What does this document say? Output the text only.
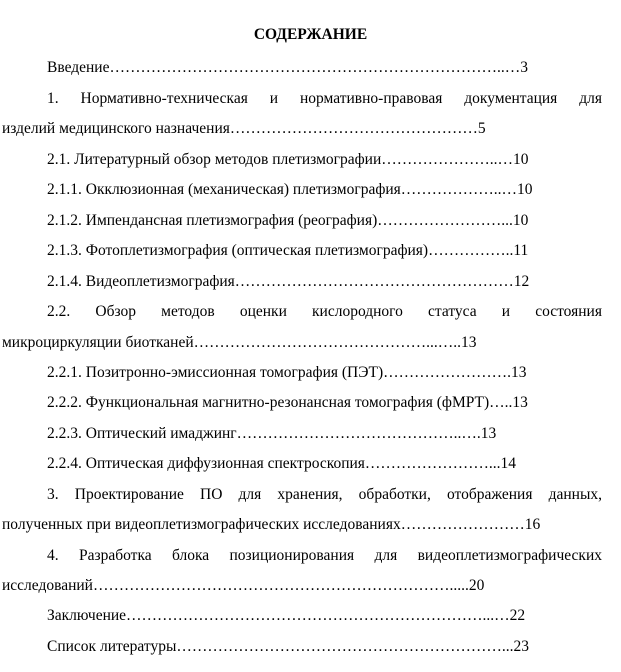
СОДЕРЖАНИЕ
Введение…………………………………………………………………..…3
1. Нормативно-техническая и нормативно-правовая документация для
изделий медицинского назначения…………………………………………5
2.1. Литературный обзор методов плетизмографии…………………..…10
2.1.1. Окклюзионная (механическая) плетизмография………………..…10
2.1.2. Импендансная плетизмография (реография)……………………...10
2.1.3. Фотоплетизмография (оптическая плетизмография)……………..11
2.1.4. Видеоплетизмография………………………………………………12
2.2. Обзор методов оценки кислородного статуса и состояния
микроциркуляции биотканей………………………………………...…..13
2.2.1. Позитронно-эмиссионная томография (ПЭТ)…………………….13
2.2.2. Функциональная магнитно-резонансная томография (фМРТ)…..13
2.2.3. Оптический имаджинг……………………………………..….13
2.2.4. Оптическая диффузионная спектроскопия……………………...14
3. Проектирование ПО для хранения, обработки, отображения данных,
полученных при видеоплетизмографических исследованиях……………………16
4. Разработка блока позиционирования для видеоплетизмографических
исследований…………………………………………………………….....20
Заключение……………………………………………………………...…22
Список литературы………………………………………………………...23
